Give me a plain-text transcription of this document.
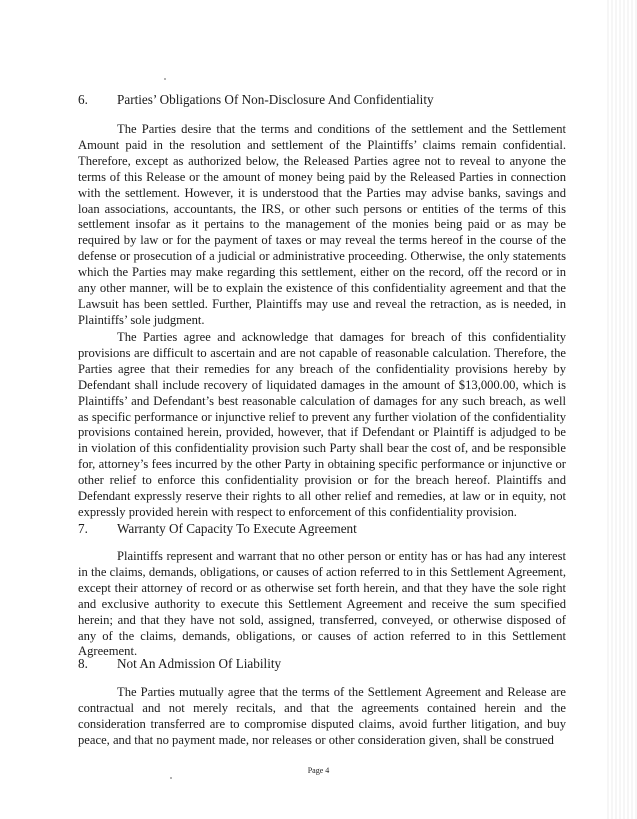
6. Parties’ Obligations Of Non-Disclosure And Confidentiality

The Parties desire that the terms and conditions of the settlement and the Settlement Amount paid in the resolution and settlement of the Plaintiffs’ claims remain confidential. Therefore, except as authorized below, the Released Parties agree not to reveal to anyone the terms of this Release or the amount of money being paid by the Released Parties in connection with the settlement. However, it is understood that the Parties may advise banks, savings and loan associations, accountants, the IRS, or other such persons or entities of the terms of this settlement insofar as it pertains to the management of the monies being paid or as may be required by law or for the payment of taxes or may reveal the terms hereof in the course of the defense or prosecution of a judicial or administrative proceeding. Otherwise, the only statements which the Parties may make regarding this settlement, either on the record, off the record or in any other manner, will be to explain the existence of this confidentiality agreement and that the Lawsuit has been settled. Further, Plaintiffs may use and reveal the retraction, as is needed, in Plaintiffs’ sole judgment.

The Parties agree and acknowledge that damages for breach of this confidentiality provisions are difficult to ascertain and are not capable of reasonable calculation. Therefore, the Parties agree that their remedies for any breach of the confidentiality provisions hereby by Defendant shall include recovery of liquidated damages in the amount of $13,000.00, which is Plaintiffs’ and Defendant’s best reasonable calculation of damages for any such breach, as well as specific performance or injunctive relief to prevent any further violation of the confidentiality provisions contained herein, provided, however, that if Defendant or Plaintiff is adjudged to be in violation of this confidentiality provision such Party shall bear the cost of, and be responsible for, attorney’s fees incurred by the other Party in obtaining specific performance or injunctive or other relief to enforce this confidentiality provision or for the breach hereof. Plaintiffs and Defendant expressly reserve their rights to all other relief and remedies, at law or in equity, not expressly provided herein with respect to enforcement of this confidentiality provision.

7. Warranty Of Capacity To Execute Agreement

Plaintiffs represent and warrant that no other person or entity has or has had any interest in the claims, demands, obligations, or causes of action referred to in this Settlement Agreement, except their attorney of record or as otherwise set forth herein, and that they have the sole right and exclusive authority to execute this Settlement Agreement and receive the sum specified herein; and that they have not sold, assigned, transferred, conveyed, or otherwise disposed of any of the claims, demands, obligations, or causes of action referred to in this Settlement Agreement.

8. Not An Admission Of Liability

The Parties mutually agree that the terms of the Settlement Agreement and Release are contractual and not merely recitals, and that the agreements contained herein and the consideration transferred are to compromise disputed claims, avoid further litigation, and buy peace, and that no payment made, nor releases or other consideration given, shall be construed

Page 4
